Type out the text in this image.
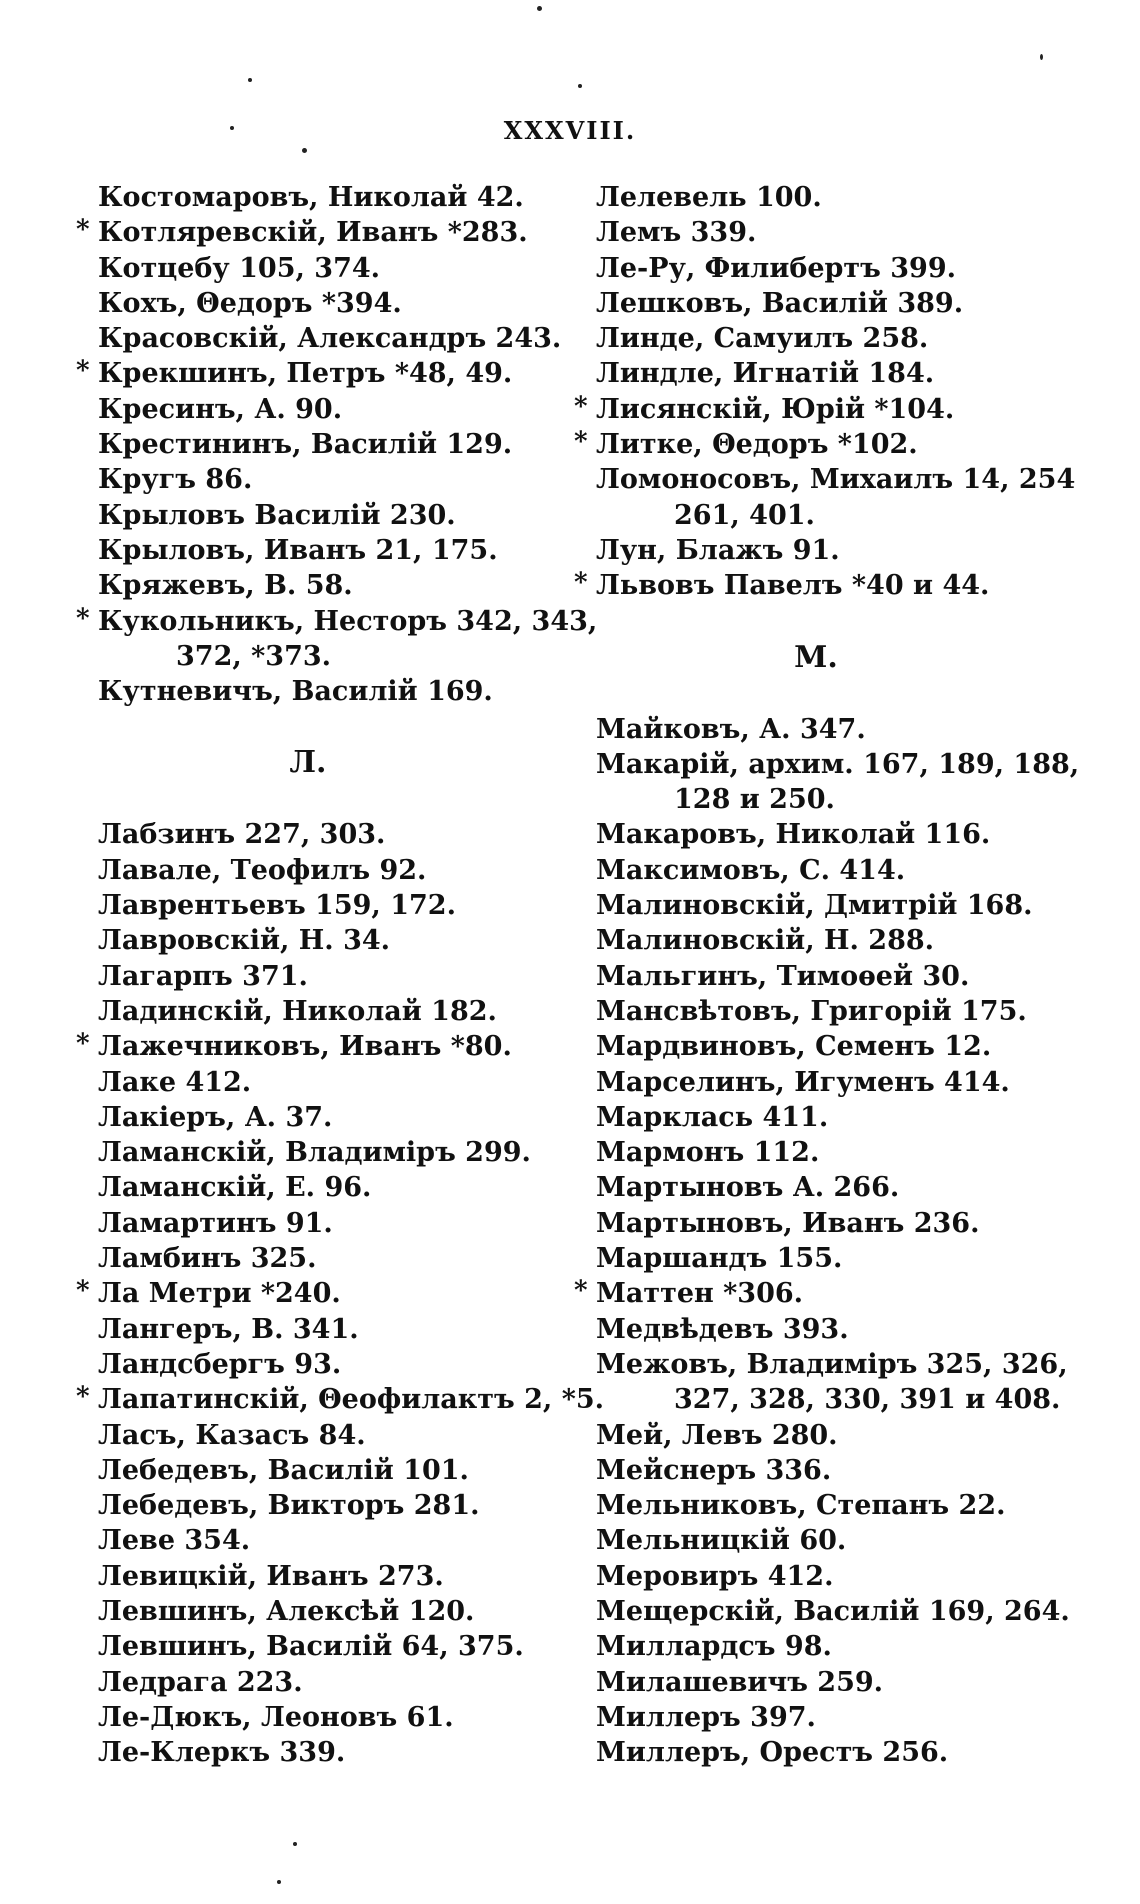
XXXVIII.
Костомаровъ, Николай 42.
* Котляревскій, Иванъ *283.
Котцебу 105, 374.
Кохъ, Θедоръ *394.
Красовскій, Александръ 243.
* Крекшинъ, Петръ *48, 49.
Кресинъ, А. 90.
Крестининъ, Василій 129.
Кругъ 86.
Крыловъ Василій 230.
Крыловъ, Иванъ 21, 175.
Кряжевъ, В. 58.
* Кукольникъ, Несторъ 342, 343,
372, *373.
Кутневичъ, Василій 169.
Л.
Лабзинъ 227, 303.
Лавале, Теофилъ 92.
Лаврентьевъ 159, 172.
Лавровскій, Н. 34.
Лагарпъ 371.
Ладинскій, Николай 182.
* Лажечниковъ, Иванъ *80.
Лаке 412.
Лакіеръ, А. 37.
Ламанскій, Владиміръ 299.
Ламанскій, Е. 96.
Ламартинъ 91.
Ламбинъ 325.
* Ла Метри *240.
Лангеръ, В. 341.
Ландсбергъ 93.
* Лапатинскій, Θеофилактъ 2, *5.
Ласъ, Казасъ 84.
Лебедевъ, Василій 101.
Лебедевъ, Викторъ 281.
Леве 354.
Левицкій, Иванъ 273.
Левшинъ, Алексѣй 120.
Левшинъ, Василій 64, 375.
Ледрага 223.
Ле-Дюкъ, Леоновъ 61.
Ле-Клеркъ 339.
Лелевель 100.
Лемъ 339.
Ле-Ру, Филибертъ 399.
Лешковъ, Василій 389.
Линде, Самуилъ 258.
Линдле, Игнатій 184.
* Лисянскій, Юрій *104.
* Литке, Θедоръ *102.
Ломоносовъ, Михаилъ 14, 254
261, 401.
Лун, Блажъ 91.
* Львовъ Павелъ *40 и 44.
М.
Майковъ, А. 347.
Макарій, архим. 167, 189, 188,
128 и 250.
Макаровъ, Николай 116.
Максимовъ, С. 414.
Малиновскій, Дмитрій 168.
Малиновскій, Н. 288.
Мальгинъ, Тимоѳей 30.
Мансвѣтовъ, Григорій 175.
Мардвиновъ, Семенъ 12.
Марселинъ, Игуменъ 414.
Марклась 411.
Мармонъ 112.
Мартыновъ А. 266.
Мартыновъ, Иванъ 236.
Маршандъ 155.
* Маттен *306.
Медвѣдевъ 393.
Межовъ, Владиміръ 325, 326,
327, 328, 330, 391 и 408.
Мей, Левъ 280.
Мейснеръ 336.
Мельниковъ, Степанъ 22.
Мельницкій 60.
Меровиръ 412.
Мещерскій, Василій 169, 264.
Миллардсъ 98.
Милашевичъ 259.
Миллеръ 397.
Миллеръ, Орестъ 256.
